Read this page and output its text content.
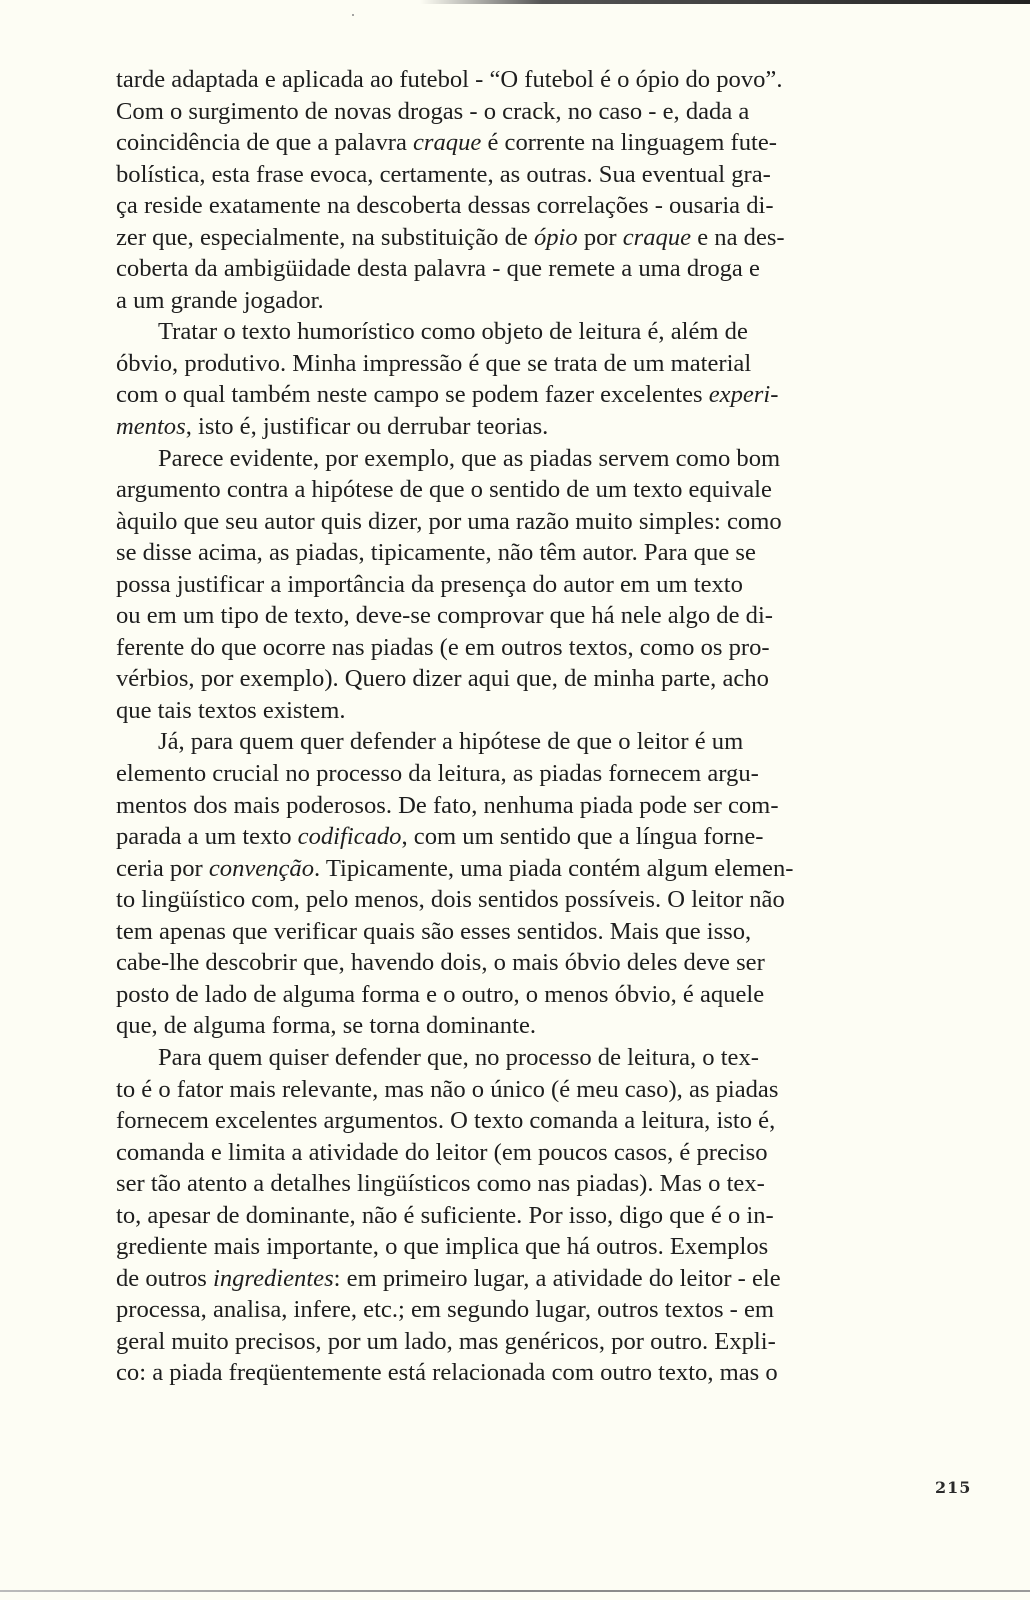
tarde adaptada e aplicada ao futebol - “O futebol é o ópio do povo”.
Com o surgimento de novas drogas - o crack, no caso - e, dada a
coincidência de que a palavra craque é corrente na linguagem fute-
bolística, esta frase evoca, certamente, as outras. Sua eventual gra-
ça reside exatamente na descoberta dessas correlações - ousaria di-
zer que, especialmente, na substituição de ópio por craque e na des-
coberta da ambigüidade desta palavra - que remete a uma droga e
a um grande jogador.
Tratar o texto humorístico como objeto de leitura é, além de
óbvio, produtivo. Minha impressão é que se trata de um material
com o qual também neste campo se podem fazer excelentes experi-
mentos, isto é, justificar ou derrubar teorias.
Parece evidente, por exemplo, que as piadas servem como bom
argumento contra a hipótese de que o sentido de um texto equivale
àquilo que seu autor quis dizer, por uma razão muito simples: como
se disse acima, as piadas, tipicamente, não têm autor. Para que se
possa justificar a importância da presença do autor em um texto
ou em um tipo de texto, deve-se comprovar que há nele algo de di-
ferente do que ocorre nas piadas (e em outros textos, como os pro-
vérbios, por exemplo). Quero dizer aqui que, de minha parte, acho
que tais textos existem.
Já, para quem quer defender a hipótese de que o leitor é um
elemento crucial no processo da leitura, as piadas fornecem argu-
mentos dos mais poderosos. De fato, nenhuma piada pode ser com-
parada a um texto codificado, com um sentido que a língua forne-
ceria por convenção. Tipicamente, uma piada contém algum elemen-
to lingüístico com, pelo menos, dois sentidos possíveis. O leitor não
tem apenas que verificar quais são esses sentidos. Mais que isso,
cabe-lhe descobrir que, havendo dois, o mais óbvio deles deve ser
posto de lado de alguma forma e o outro, o menos óbvio, é aquele
que, de alguma forma, se torna dominante.
Para quem quiser defender que, no processo de leitura, o tex-
to é o fator mais relevante, mas não o único (é meu caso), as piadas
fornecem excelentes argumentos. O texto comanda a leitura, isto é,
comanda e limita a atividade do leitor (em poucos casos, é preciso
ser tão atento a detalhes lingüísticos como nas piadas). Mas o tex-
to, apesar de dominante, não é suficiente. Por isso, digo que é o in-
grediente mais importante, o que implica que há outros. Exemplos
de outros ingredientes: em primeiro lugar, a atividade do leitor - ele
processa, analisa, infere, etc.; em segundo lugar, outros textos - em
geral muito precisos, por um lado, mas genéricos, por outro. Expli-
co: a piada freqüentemente está relacionada com outro texto, mas o
215
